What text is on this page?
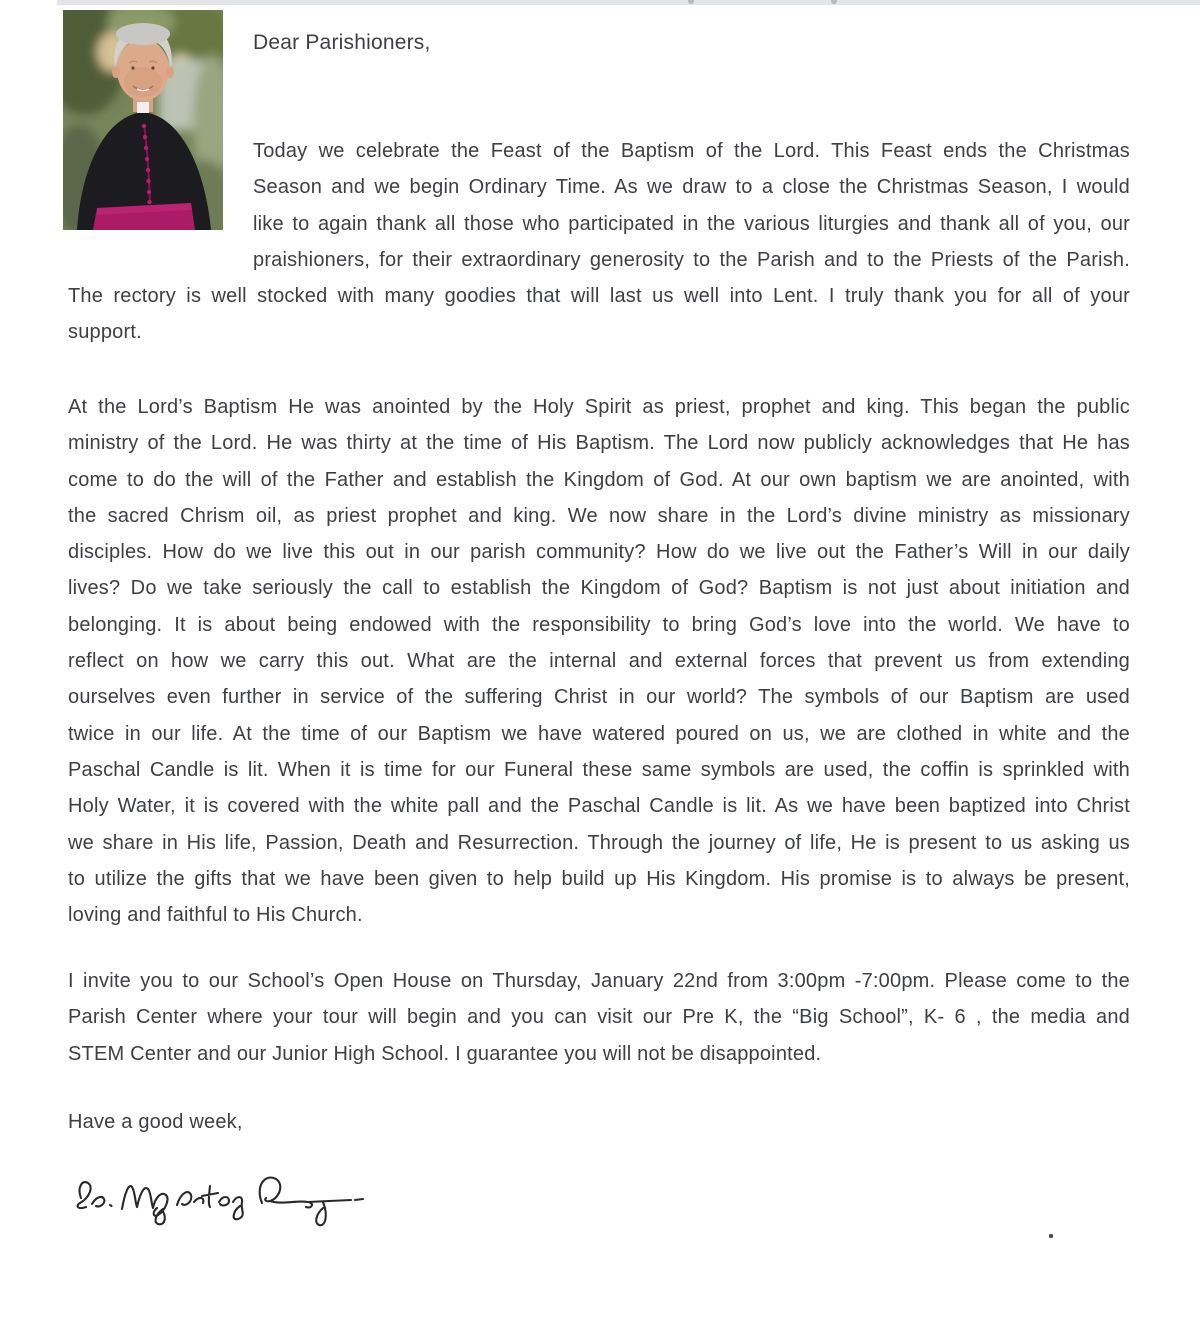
Dear Parishioners,
Today we celebrate the Feast of the Baptism of the Lord. This Feast ends the Christmas
Season and we begin Ordinary Time. As we draw to a close the Christmas Season, I would
like to again thank all those who participated in the various liturgies and thank all of you, our
praishioners, for their extraordinary generosity to the Parish and to the Priests of the Parish.
The rectory is well stocked with many goodies that will last us well into Lent. I truly thank you for all of your
support.
At the Lord’s Baptism He was anointed by the Holy Spirit as priest, prophet and king. This began the public
ministry of the Lord. He was thirty at the time of His Baptism. The Lord now publicly acknowledges that He has
come to do the will of the Father and establish the Kingdom of God. At our own baptism we are anointed, with
the sacred Chrism oil, as priest prophet and king. We now share in the Lord’s divine ministry as missionary
disciples. How do we live this out in our parish community? How do we live out the Father’s Will in our daily
lives? Do we take seriously the call to establish the Kingdom of God? Baptism is not just about initiation and
belonging. It is about being endowed with the responsibility to bring God’s love into the world. We have to
reflect on how we carry this out. What are the internal and external forces that prevent us from extending
ourselves even further in service of the suffering Christ in our world? The symbols of our Baptism are used
twice in our life. At the time of our Baptism we have watered poured on us, we are clothed in white and the
Paschal Candle is lit. When it is time for our Funeral these same symbols are used, the coffin is sprinkled with
Holy Water, it is covered with the white pall and the Paschal Candle is lit. As we have been baptized into Christ
we share in His life, Passion, Death and Resurrection. Through the journey of life, He is present to us asking us
to utilize the gifts that we have been given to help build up His Kingdom. His promise is to always be present,
loving and faithful to His Church.
I invite you to our School’s Open House on Thursday, January 22nd from 3:00pm -7:00pm. Please come to the
Parish Center where your tour will begin and you can visit our Pre K, the “Big School”, K- 6 , the media and
STEM Center and our Junior High School. I guarantee you will not be disappointed.
Have a good week,
